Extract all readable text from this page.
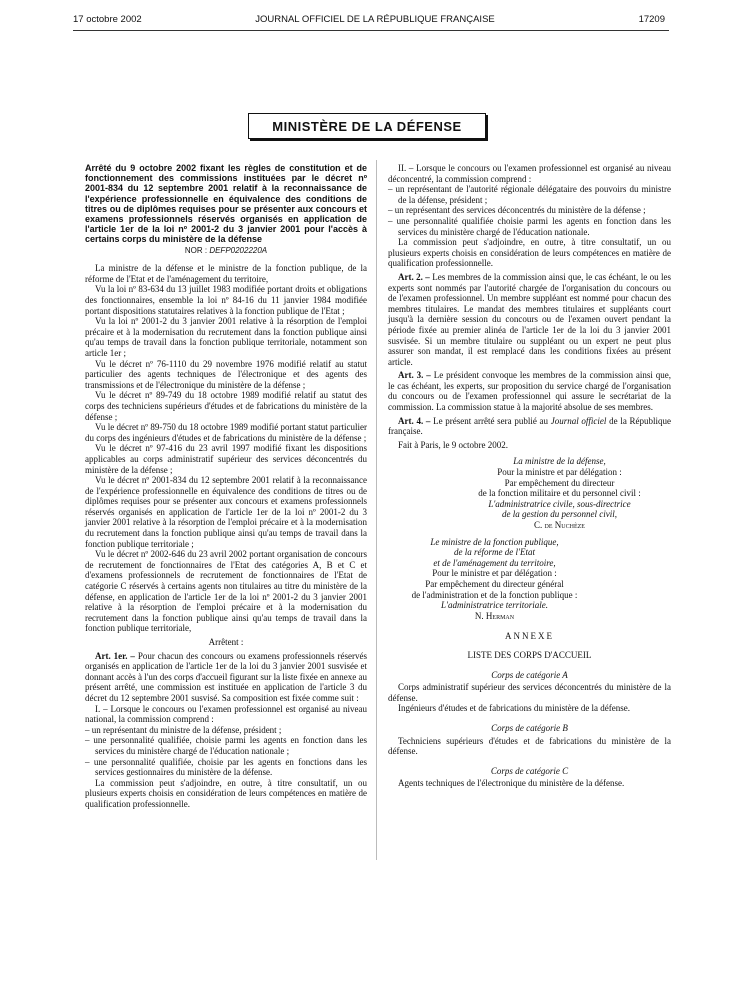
17 octobre 2002	JOURNAL OFFICIEL DE LA RÉPUBLIQUE FRANÇAISE	17209
MINISTÈRE DE LA DÉFENSE

Arrêté du 9 octobre 2002 fixant les règles de constitution et de fonctionnement des commissions instituées par le décret nº 2001-834 du 12 septembre 2001 relatif à la reconnaissance de l'expérience professionnelle en équivalence des conditions de titres ou de diplômes requises pour se présenter aux concours et examens professionnels réservés organisés en application de l'article 1er de la loi nº 2001-2 du 3 janvier 2001 pour l'accès à certains corps du ministère de la défense

NOR : DEFP0202220A

La ministre de la défense et le ministre de la fonction publique, de la réforme de l'Etat et de l'aménagement du territoire,

Vu la loi nº 83-634 du 13 juillet 1983 modifiée portant droits et obligations des fonctionnaires, ensemble la loi nº 84-16 du 11 janvier 1984 modifiée portant dispositions statutaires relatives à la fonction publique de l'Etat ;

Vu la loi nº 2001-2 du 3 janvier 2001 relative à la résorption de l'emploi précaire et à la modernisation du recrutement dans la fonction publique ainsi qu'au temps de travail dans la fonction publique territoriale, notamment son article 1er ;

Vu le décret nº 76-1110 du 29 novembre 1976 modifié relatif au statut particulier des agents techniques de l'électronique et des agents des transmissions et de l'électronique du ministère de la défense ;

Vu le décret nº 89-749 du 18 octobre 1989 modifié relatif au statut des corps des techniciens supérieurs d'études et de fabrications du ministère de la défense ;

Vu le décret nº 89-750 du 18 octobre 1989 modifié portant statut particulier du corps des ingénieurs d'études et de fabrications du ministère de la défense ;

Vu le décret nº 97-416 du 23 avril 1997 modifié fixant les dispositions applicables au corps administratif supérieur des services déconcentrés du ministère de la défense ;

Vu le décret nº 2001-834 du 12 septembre 2001 relatif à la reconnaissance de l'expérience professionnelle en équivalence des conditions de titres ou de diplômes requises pour se présenter aux concours et examens professionnels réservés organisés en application de l'article 1er de la loi nº 2001-2 du 3 janvier 2001 relative à la résorption de l'emploi précaire et à la modernisation du recrutement dans la fonction publique ainsi qu'au temps de travail dans la fonction publique territoriale ;

Vu le décret nº 2002-646 du 23 avril 2002 portant organisation de concours de recrutement de fonctionnaires de l'Etat des catégories A, B et C et d'examens professionnels de recrutement de fonctionnaires de l'Etat de catégorie C réservés à certains agents non titulaires au titre du ministère de la défense, en application de l'article 1er de la loi nº 2001-2 du 3 janvier 2001 relative à la résorption de l'emploi précaire et à la modernisation du recrutement dans la fonction publique ainsi qu'au temps de travail dans la fonction publique territoriale,

Arrêtent :

Art. 1er. – Pour chacun des concours ou examens professionnels réservés organisés en application de l'article 1er de la loi du 3 janvier 2001 susvisée et donnant accès à l'un des corps d'accueil figurant sur la liste fixée en annexe au présent arrêté, une commission est instituée en application de l'article 3 du décret du 12 septembre 2001 susvisé. Sa composition est fixée comme suit :

I. – Lorsque le concours ou l'examen professionnel est organisé au niveau national, la commission comprend :

– un représentant du ministre de la défense, président ;
– une personnalité qualifiée, choisie parmi les agents en fonction dans les services du ministère chargé de l'éducation nationale ;
– une personnalité qualifiée, choisie par les agents en fonctions dans les services gestionnaires du ministère de la défense.

La commission peut s'adjoindre, en outre, à titre consultatif, un ou plusieurs experts choisis en considération de leurs compétences en matière de qualification professionnelle.

II. – Lorsque le concours ou l'examen professionnel est organisé au niveau déconcentré, la commission comprend :

– un représentant de l'autorité régionale délégataire des pouvoirs du ministre de la défense, président ;
– un représentant des services déconcentrés du ministère de la défense ;
– une personnalité qualifiée choisie parmi les agents en fonction dans les services du ministère chargé de l'éducation nationale.

La commission peut s'adjoindre, en outre, à titre consultatif, un ou plusieurs experts choisis en considération de leurs compétences en matière de qualification professionnelle.

Art. 2. – Les membres de la commission ainsi que, le cas échéant, le ou les experts sont nommés par l'autorité chargée de l'organisation du concours ou de l'examen professionnel. Un membre suppléant est nommé pour chacun des membres titulaires. Le mandat des membres titulaires et suppléants court jusqu'à la dernière session du concours ou de l'examen ouvert pendant la période fixée au premier alinéa de l'article 1er de la loi du 3 janvier 2001 susvisée. Si un membre titulaire ou suppléant ou un expert ne peut plus assurer son mandat, il est remplacé dans les conditions fixées au présent article.

Art. 3. – Le président convoque les membres de la commission ainsi que, le cas échéant, les experts, sur proposition du service chargé de l'organisation du concours ou de l'examen professionnel qui assure le secrétariat de la commission. La commission statue à la majorité absolue de ses membres.

Art. 4. – Le présent arrêté sera publié au Journal officiel de la République française.

Fait à Paris, le 9 octobre 2002.

La ministre de la défense,
Pour la ministre et par délégation :
Par empêchement du directeur
de la fonction militaire et du personnel civil :
L'administratrice civile, sous-directrice
de la gestion du personnel civil,
C. de Nuchèze
Le ministre de la fonction publique,
de la réforme de l'Etat
et de l'aménagement du territoire,
Pour le ministre et par délégation :
Par empêchement du directeur général
de l'administration et de la fonction publique :
L'administratrice territoriale.
N. Herman

ANNEXE

LISTE DES CORPS D'ACCUEIL

Corps de catégorie A

Corps administratif supérieur des services déconcentrés du ministère de la défense.

Ingénieurs d'études et de fabrications du ministère de la défense.

Corps de catégorie B

Techniciens supérieurs d'études et de fabrications du ministère de la défense.

Corps de catégorie C

Agents techniques de l'électronique du ministère de la défense.
